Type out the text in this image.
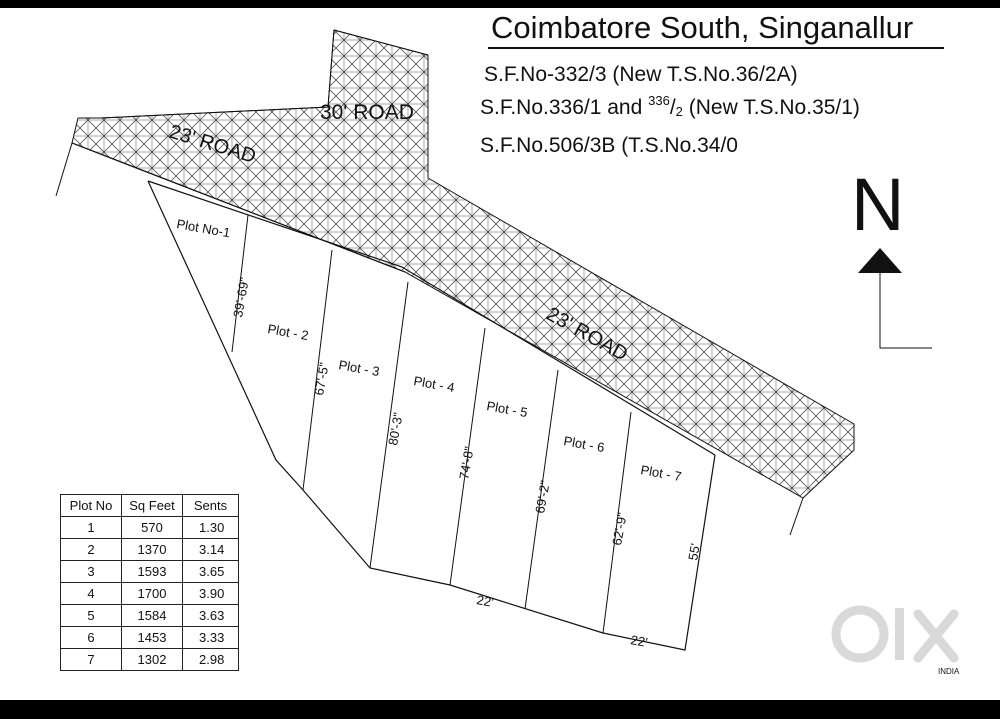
23' ROAD
30' ROAD
23' ROAD
Plot No-1
Plot - 2
Plot - 3
Plot - 4
Plot - 5
Plot - 6
Plot - 7
39'-69"
67'-5"
80'-3"
74'-8"
69'-2"
62'-9"
55'
22'
22'
Coimbatore South, Singanallur
S.F.No-332/3 (New T.S.No.36/2A)
S.F.No.336/1 and $^{336}$/2 (New T.S.No.35/1)
S.F.No.506/3B (T.S.No.34/0
N
Plot No	Sq Feet	Sents
1	570	1.30
2	1370	3.14
3	1593	3.65
4	1700	3.90
5	1584	3.63
6	1453	3.33
7	1302	2.98
INDIA
